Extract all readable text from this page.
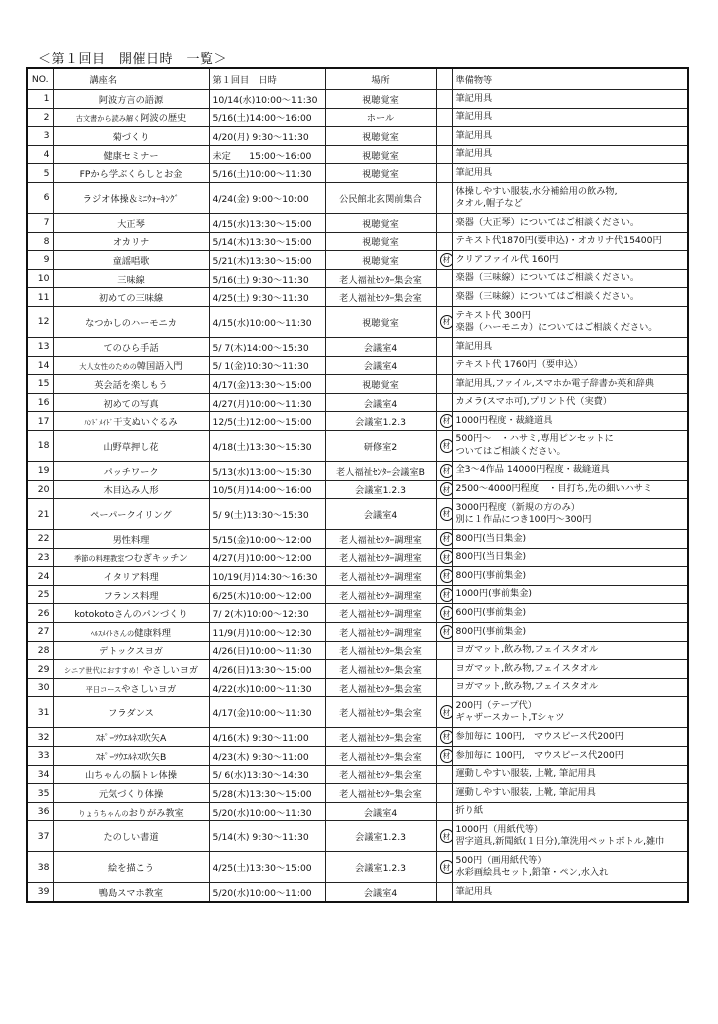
＜第１回目　開催日時　一覧＞
NO.	講座名	第１回目　日時	場所		準備物等
1	阿波方言の語源	10/14(水)10:00～11:30	視聴覚室		筆記用具

2	古文書から読み解く阿波の歴史	5/16(土)14:00～16:00	ホール		筆記用具

3	菊づくり	4/20(月) 9:30～11:30	視聴覚室		筆記用具

4	健康セミナー	未定　　15:00～16:00	視聴覚室		筆記用具

5	FPから学ぶくらしとお金	5/16(土)10:00～11:30	視聴覚室		筆記用具

6	ラジオ体操＆ﾐﾆｳｫｰｷﾝｸﾞ	4/24(金) 9:00～10:00	公民館北玄関前集合		体操しやすい服装,水分補給用の飲み物,
タオル,帽子など

7	大正琴	4/15(水)13:30～15:00	視聴覚室		楽器（大正琴）についてはご相談ください。

8	オカリナ	5/14(木)13:30～15:00	視聴覚室		テキスト代1870円(要申込)・オカリナ代15400円

9	童謡唱歌	5/21(木)13:30～15:00	視聴覚室	材	クリアファイル代 160円

10	三味線	5/16(土) 9:30～11:30	老人福祉ｾﾝﾀｰ集会室		楽器（三味線）についてはご相談ください。

11	初めての三味線	4/25(土) 9:30～11:30	老人福祉ｾﾝﾀｰ集会室		楽器（三味線）についてはご相談ください。

12	なつかしのハーモニカ	4/15(水)10:00～11:30	視聴覚室	材	テキスト代 300円
楽器（ハーモニカ）についてはご相談ください。

13	てのひら手話	5/ 7(木)14:00～15:30	会議室4		筆記用具

14	大人女性のための韓国語入門	5/ 1(金)10:30～11:30	会議室4		テキスト代 1760円（要申込）

15	英会話を楽しもう	4/17(金)13:30～15:00	視聴覚室		筆記用具,ファイル,スマホか電子辞書か英和辞典

16	初めての写真	4/27(月)10:00～11:30	会議室4		カメラ(スマホ可),プリント代（実費）

17	ﾊﾝﾄﾞﾒｲﾄﾞ干支ぬいぐるみ	12/5(土)12:00～15:00	会議室1.2.3	材	1000円程度・裁縫道具

18	山野草押し花	4/18(土)13:30～15:30	研修室2	材	500円～　・ハサミ,専用ピンセットに
ついてはご相談ください。

19	パッチワーク	5/13(水)13:00～15:30	老人福祉ｾﾝﾀｰ会議室B	材	全3～4作品 14000円程度・裁縫道具

20	木目込み人形	10/5(月)14:00～16:00	会議室1.2.3	材	2500～4000円程度　・目打ち,先の細いハサミ

21	ペーパークイリング	5/ 9(土)13:30～15:30	会議室4	材	3000円程度（新規の方のみ）
別に１作品につき100円～300円

22	男性料理	5/15(金)10:00～12:00	老人福祉ｾﾝﾀｰ調理室	材	800円(当日集金)

23	季節の料理教室つむぎキッチン	4/27(月)10:00～12:00	老人福祉ｾﾝﾀｰ調理室	材	800円(当日集金)

24	イタリア料理	10/19(月)14:30～16:30	老人福祉ｾﾝﾀｰ調理室	材	800円(事前集金)

25	フランス料理	6/25(木)10:00～12:00	老人福祉ｾﾝﾀｰ調理室	材	1000円(事前集金)

26	kotokotoさんのパンづくり	7/ 2(木)10:00～12:30	老人福祉ｾﾝﾀｰ調理室	材	600円(事前集金)

27	ﾍﾙｽﾒｲﾄさんの健康料理	11/9(月)10:00～12:30	老人福祉ｾﾝﾀｰ調理室	材	800円(事前集金)

28	デトックスヨガ	4/26(日)10:00～11:30	老人福祉ｾﾝﾀｰ集会室		ヨガマット,飲み物,フェイスタオル

29	シニア世代におすすめ！やさしいヨガ	4/26(日)13:30～15:00	老人福祉ｾﾝﾀｰ集会室		ヨガマット,飲み物,フェイスタオル

30	平日コースやさしいヨガ	4/22(水)10:00～11:30	老人福祉ｾﾝﾀｰ集会室		ヨガマット,飲み物,フェイスタオル

31	フラダンス	4/17(金)10:00～11:30	老人福祉ｾﾝﾀｰ集会室	材	200円（テープ代）
ギャザースカート,Tシャツ

32	ｽﾎﾟｰﾂｳｴﾙﾈｽ吹矢A	4/16(木) 9:30～11:00	老人福祉ｾﾝﾀｰ集会室	材	参加毎に 100円,　マウスピース代200円

33	ｽﾎﾟｰﾂｳｴﾙﾈｽ吹矢B	4/23(木) 9:30～11:00	老人福祉ｾﾝﾀｰ集会室	材	参加毎に 100円,　マウスピース代200円

34	山ちゃんの脳トレ体操	5/ 6(水)13:30～14:30	老人福祉ｾﾝﾀｰ集会室		運動しやすい服装, 上靴, 筆記用具

35	元気づくり体操	5/28(木)13:30～15:00	老人福祉ｾﾝﾀｰ集会室		運動しやすい服装, 上靴, 筆記用具

36	りょうちゃんのおりがみ教室	5/20(水)10:00～11:30	会議室4		折り紙

37	たのしい書道	5/14(木) 9:30～11:30	会議室1.2.3	材	1000円（用紙代等）
習字道具,新聞紙(１日分),筆洗用ペットボトル,雑巾

38	絵を描こう	4/25(土)13:30～15:00	会議室1.2.3	材	500円（画用紙代等）
水彩画絵具セット,鉛筆・ペン,水入れ

39	鴨島スマホ教室	5/20(水)10:00～11:00	会議室4		筆記用具
